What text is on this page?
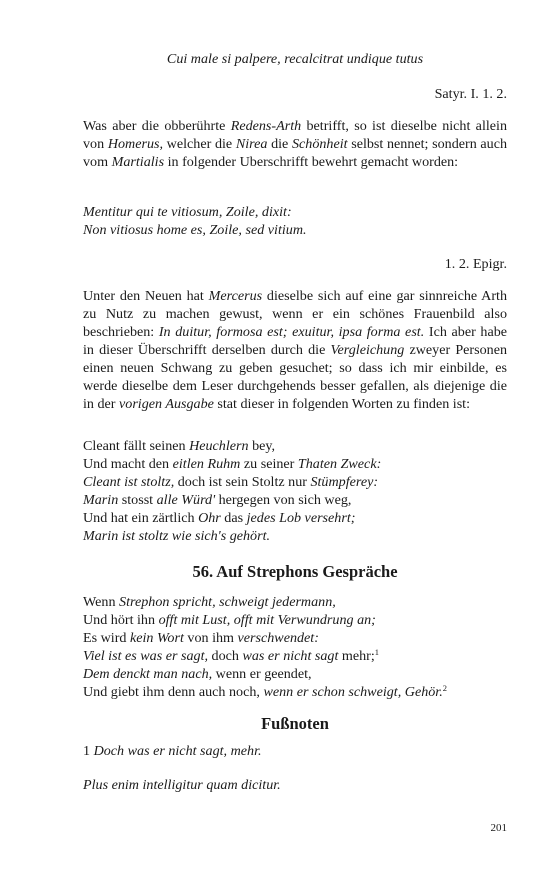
Cui male si palpere, recalcitrat undique tutus
Satyr. I. 1. 2.

Was aber die obberührte Redens-Arth betrifft, so ist dieselbe nicht allein von Homerus, welcher die Nirea die Schönheit selbst nennet; sondern auch vom Martialis in folgender Uberschrifft bewehrt gemacht worden:

Mentitur qui te vitiosum, Zoile, dixit:
Non vitiosus home es, Zoile, sed vitium.
1. 2. Epigr.

Unter den Neuen hat Mercerus dieselbe sich auf eine gar sinnreiche Arth zu Nutz zu machen gewust, wenn er ein schönes Frauenbild also beschrieben: In duitur, formosa est; exuitur, ipsa forma est. Ich aber habe in dieser Überschrifft derselben durch die Vergleichung zweyer Personen einen neuen Schwang zu geben gesuchet; so dass ich mir einbilde, es werde dieselbe dem Leser durchgehends besser gefallen, als diejenige die in der vorigen Ausgabe stat dieser in folgenden Worten zu finden ist:

Cleant fällt seinen Heuchlern bey,
Und macht den eitlen Ruhm zu seiner Thaten Zweck:
Cleant ist stoltz, doch ist sein Stoltz nur Stümpferey:
Marin stosst alle Würd' hergegen von sich weg,
Und hat ein zärtlich Ohr das jedes Lob versehrt;
Marin ist stoltz wie sich's gehört.
56. Auf Strephons Gespräche
Wenn Strephon spricht, schweigt jedermann,
Und hört ihn offt mit Lust, offt mit Verwundrung an;
Es wird kein Wort von ihm verschwendet:
Viel ist es was er sagt, doch was er nicht sagt mehr;$^1$
Dem denckt man nach, wenn er geendet,
Und giebt ihm denn auch noch, wenn er schon schweigt, Gehör.$^2$
Fußnoten
1 Doch was er nicht sagt, mehr.
Plus enim intelligitur quam dicitur.
201
